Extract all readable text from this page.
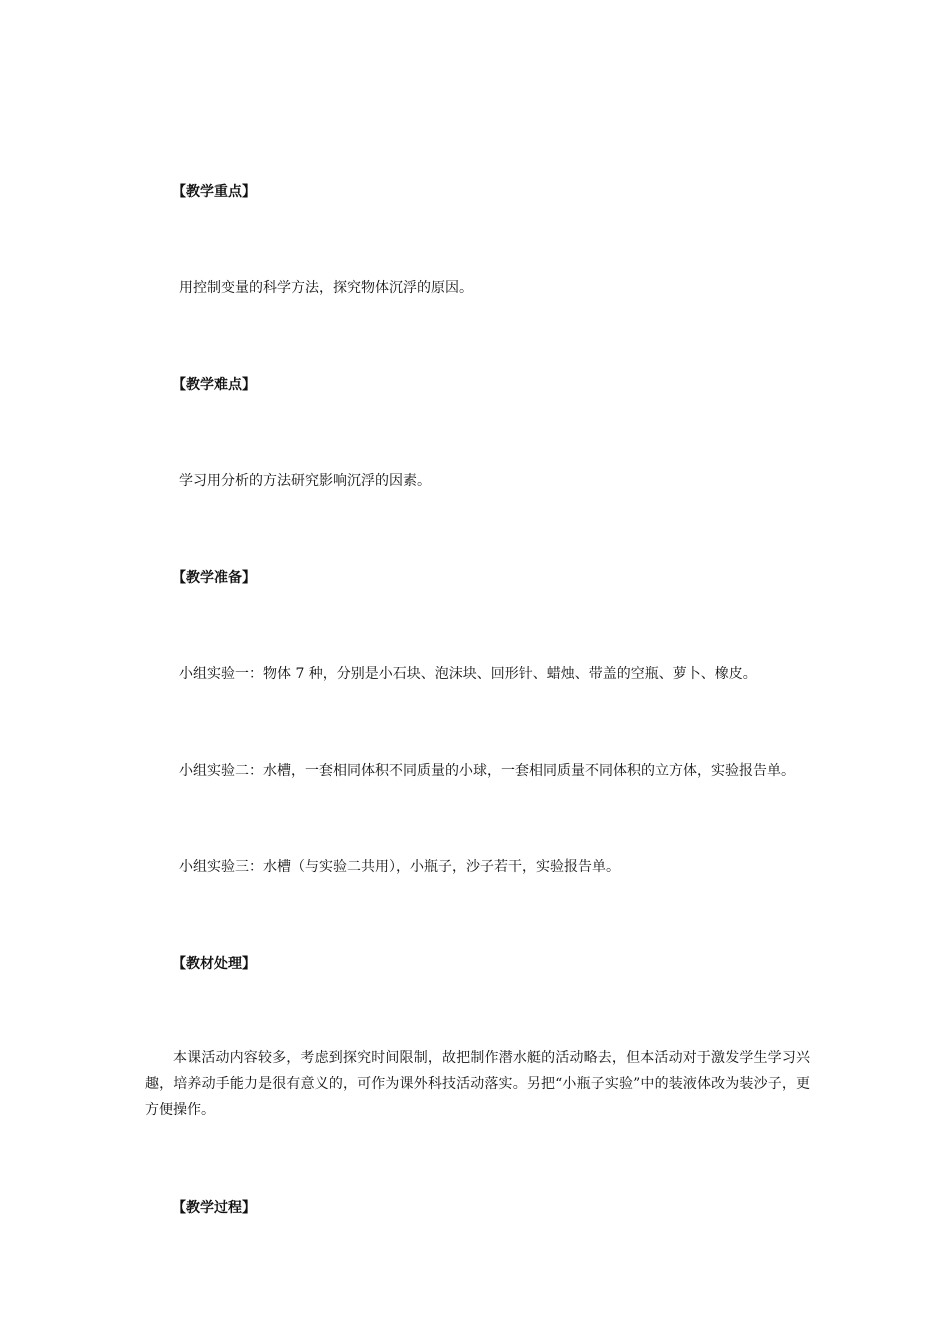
【教学重点】
用控制变量的科学方法，探究物体沉浮的原因。
【教学难点】
学习用分析的方法研究影响沉浮的因素。
【教学准备】
小组实验一：物体 7 种，分别是小石块、泡沫块、回形针、蜡烛、带盖的空瓶、萝卜、橡皮。
小组实验二：水槽，一套相同体积不同质量的小球，一套相同质量不同体积的立方体，实验报告单。
小组实验三：水槽（与实验二共用），小瓶子，沙子若干，实验报告单。
【教材处理】
本课活动内容较多，考虑到探究时间限制，故把制作潜水艇的活动略去，但本活动对于激发学生学习兴趣，培养动手能力是很有意义的，可作为课外科技活动落实。另把“小瓶子实验”中的装液体改为装沙子，更方便操作。
【教学过程】
